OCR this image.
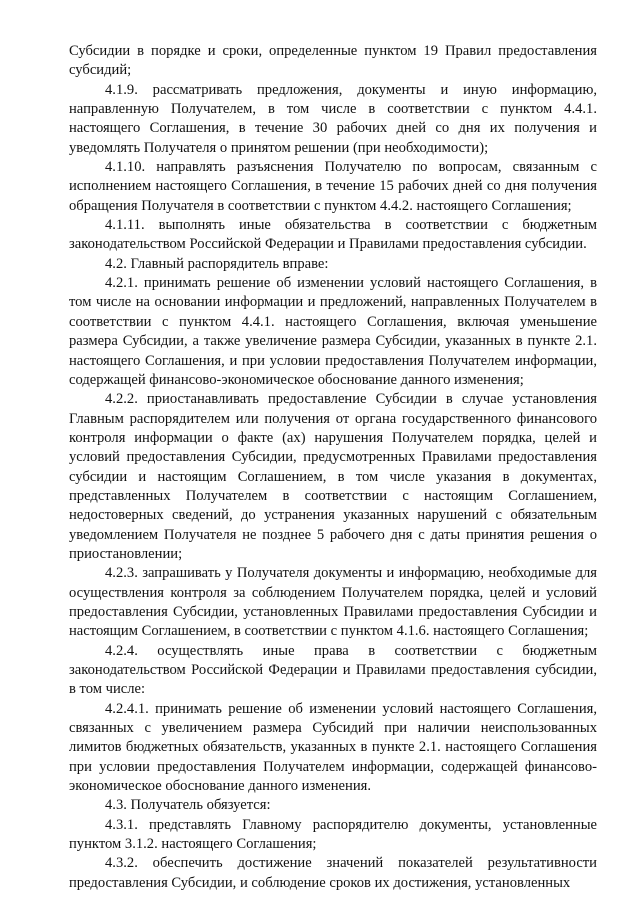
Субсидии в порядке и сроки, определенные пунктом 19 Правил предоставления субсидий;

4.1.9. рассматривать предложения, документы и иную информацию, направленную Получателем, в том числе в соответствии с пунктом 4.4.1. настоящего Соглашения, в течение 30 рабочих дней со дня их получения и уведомлять Получателя о принятом решении (при необходимости);

4.1.10. направлять разъяснения Получателю по вопросам, связанным с исполнением настоящего Соглашения, в течение 15 рабочих дней со дня получения обращения Получателя в соответствии с пунктом 4.4.2. настоящего Соглашения;

4.1.11. выполнять иные обязательства в соответствии с бюджетным законодательством Российской Федерации и Правилами предоставления субсидии.

4.2. Главный распорядитель вправе:

4.2.1. принимать решение об изменении условий настоящего Соглашения, в том числе на основании информации и предложений, направленных Получателем в соответствии с пунктом 4.4.1. настоящего Соглашения, включая уменьшение размера Субсидии, а также увеличение размера Субсидии, указанных в пункте 2.1. настоящего Соглашения, и при условии предоставления Получателем информации, содержащей финансово-экономическое обоснование данного изменения;

4.2.2. приостанавливать предоставление Субсидии в случае установления Главным распорядителем или получения от органа государственного финансового контроля информации о факте (ах) нарушения Получателем порядка, целей и условий предоставления Субсидии, предусмотренных Правилами предоставления субсидии и настоящим Соглашением, в том числе указания в документах, представленных Получателем в соответствии с настоящим Соглашением, недостоверных сведений, до устранения указанных нарушений с обязательным уведомлением Получателя не позднее 5 рабочего дня с даты принятия решения о приостановлении;

4.2.3. запрашивать у Получателя документы и информацию, необходимые для осуществления контроля за соблюдением Получателем порядка, целей и условий предоставления Субсидии, установленных Правилами предоставления Субсидии и настоящим Соглашением, в соответствии с пунктом 4.1.6. настоящего Соглашения;

4.2.4. осуществлять иные права в соответствии с бюджетным законодательством Российской Федерации и Правилами предоставления субсидии, в том числе:

4.2.4.1. принимать решение об изменении условий настоящего Соглашения, связанных с увеличением размера Субсидий при наличии неиспользованных лимитов бюджетных обязательств, указанных в пункте 2.1. настоящего Соглашения при условии предоставления Получателем информации, содержащей финансово-экономическое обоснование данного изменения.

4.3. Получатель обязуется:

4.3.1. представлять Главному распорядителю документы, установленные пунктом 3.1.2. настоящего Соглашения;

4.3.2. обеспечить достижение значений показателей результативности предоставления Субсидии, и соблюдение сроков их достижения, установленных
